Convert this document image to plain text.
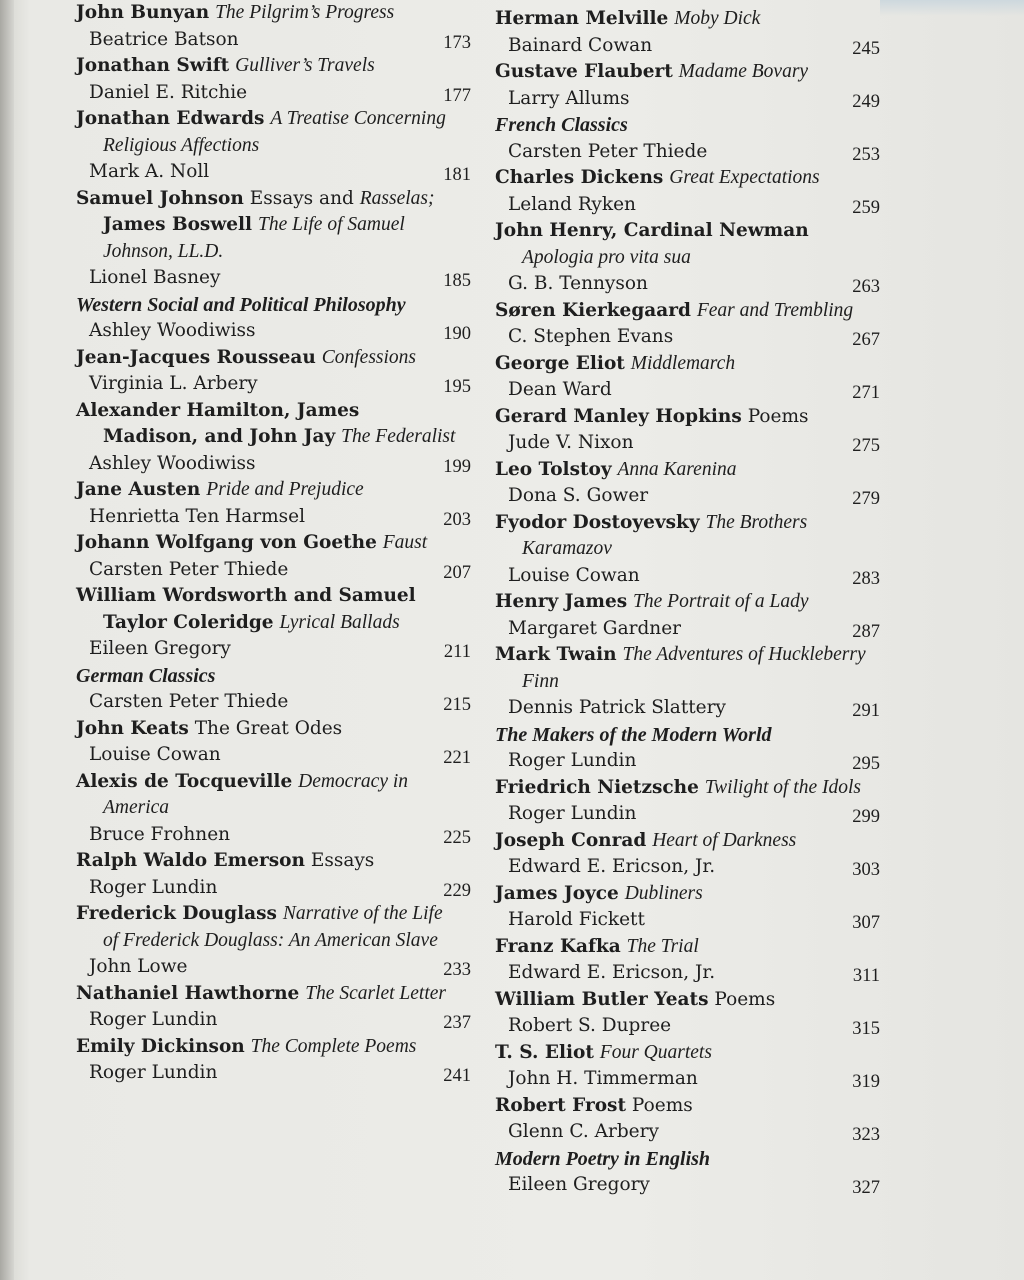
John Bunyan The Pilgrim’s Progress
Beatrice Batson	173
Jonathan Swift Gulliver’s Travels
Daniel E. Ritchie	177
Jonathan Edwards A Treatise Concerning Religious Affections
Mark A. Noll	181
Samuel Johnson Essays and Rasselas; James Boswell The Life of Samuel Johnson, LL.D.
Lionel Basney	185
Western Social and Political Philosophy
Ashley Woodiwiss	190
Jean-Jacques Rousseau Confessions
Virginia L. Arbery	195
Alexander Hamilton, James Madison, and John Jay The Federalist
Ashley Woodiwiss	199
Jane Austen Pride and Prejudice
Henrietta Ten Harmsel	203
Johann Wolfgang von Goethe Faust
Carsten Peter Thiede	207
William Wordsworth and Samuel Taylor Coleridge Lyrical Ballads
Eileen Gregory	211
German Classics
Carsten Peter Thiede	215
John Keats The Great Odes
Louise Cowan	221
Alexis de Tocqueville Democracy in America
Bruce Frohnen	225
Ralph Waldo Emerson Essays
Roger Lundin	229
Frederick Douglass Narrative of the Life of Frederick Douglass: An American Slave
John Lowe	233
Nathaniel Hawthorne The Scarlet Letter
Roger Lundin	237
Emily Dickinson The Complete Poems
Roger Lundin	241
Herman Melville Moby Dick
Bainard Cowan	245
Gustave Flaubert Madame Bovary
Larry Allums	249
French Classics
Carsten Peter Thiede	253
Charles Dickens Great Expectations
Leland Ryken	259
John Henry, Cardinal Newman Apologia pro vita sua
G. B. Tennyson	263
Søren Kierkegaard Fear and Trembling
C. Stephen Evans	267
George Eliot Middlemarch
Dean Ward	271
Gerard Manley Hopkins Poems
Jude V. Nixon	275
Leo Tolstoy Anna Karenina
Dona S. Gower	279
Fyodor Dostoyevsky The Brothers Karamazov
Louise Cowan	283
Henry James The Portrait of a Lady
Margaret Gardner	287
Mark Twain The Adventures of Huckleberry Finn
Dennis Patrick Slattery	291
The Makers of the Modern World
Roger Lundin	295
Friedrich Nietzsche Twilight of the Idols
Roger Lundin	299
Joseph Conrad Heart of Darkness
Edward E. Ericson, Jr.	303
James Joyce Dubliners
Harold Fickett	307
Franz Kafka The Trial
Edward E. Ericson, Jr.	311
William Butler Yeats Poems
Robert S. Dupree	315
T. S. Eliot Four Quartets
John H. Timmerman	319
Robert Frost Poems
Glenn C. Arbery	323
Modern Poetry in English
Eileen Gregory	327
